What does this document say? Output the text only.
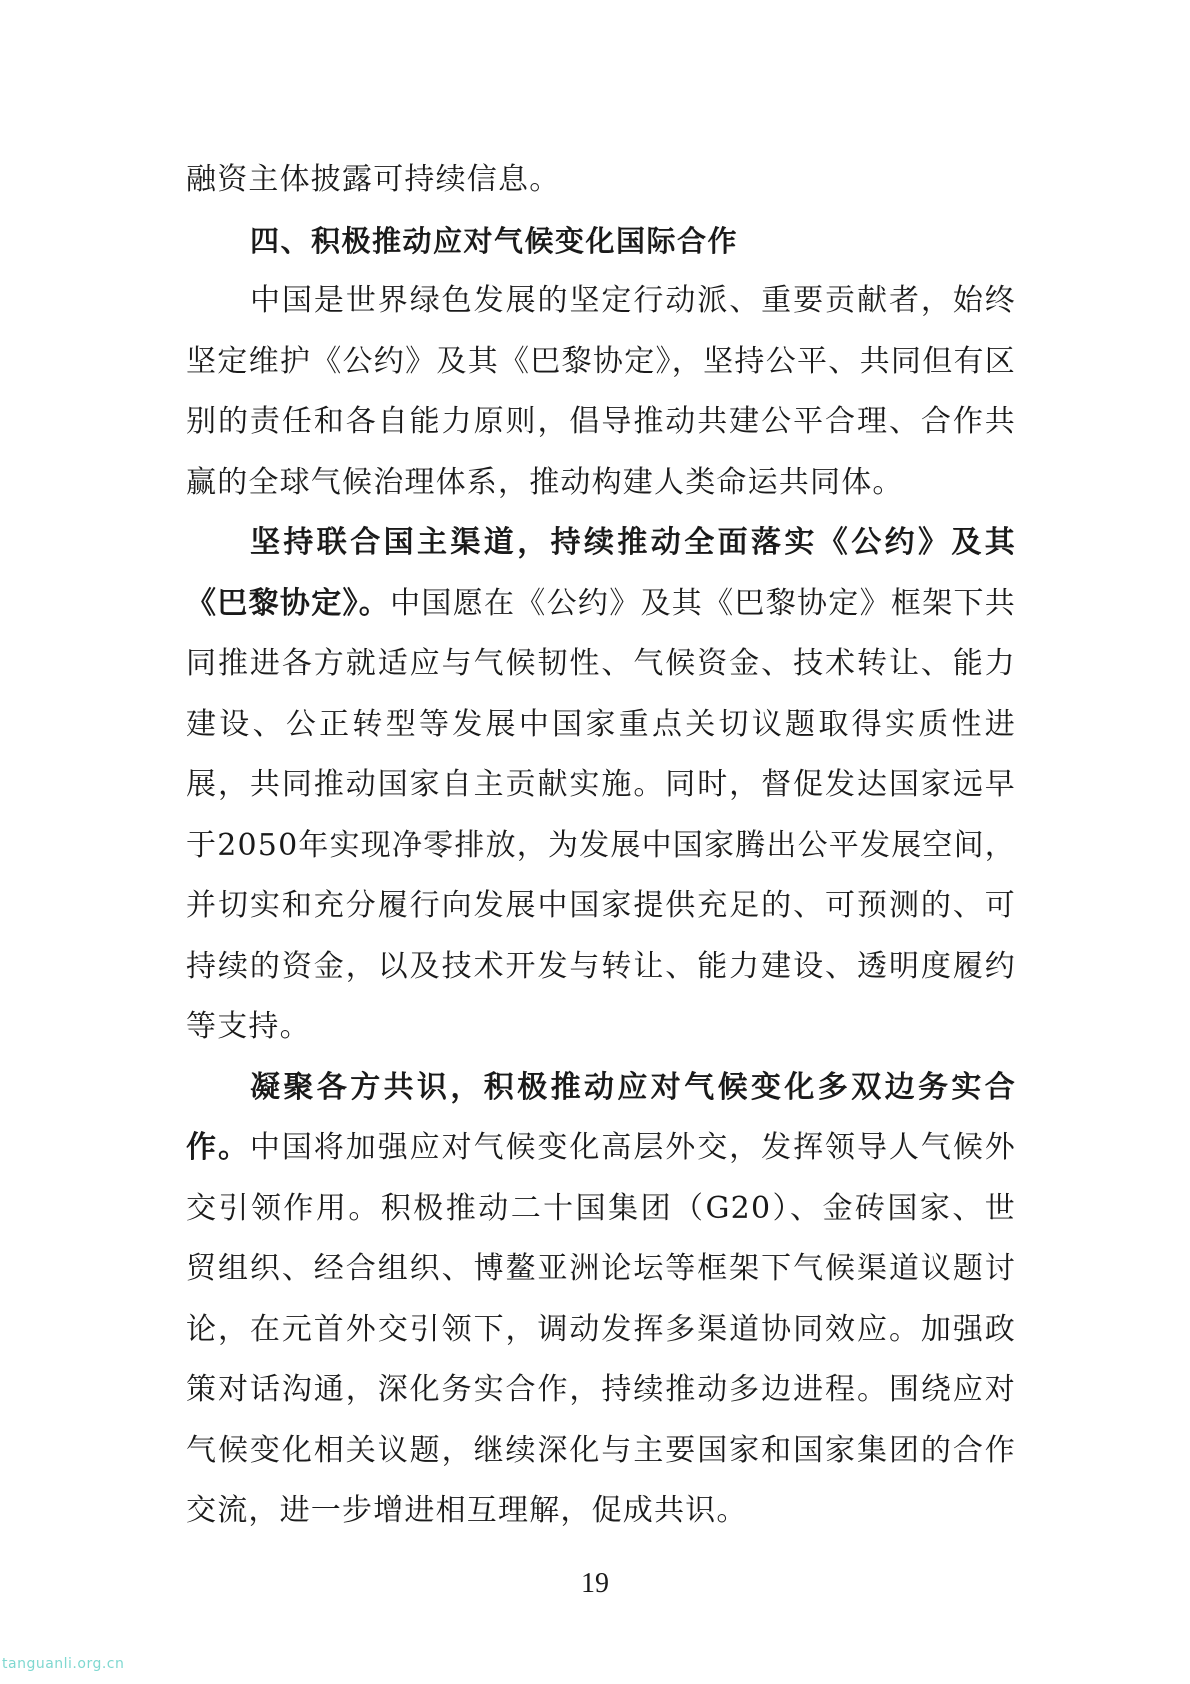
融资主体披露可持续信息。

四、积极推动应对气候变化国际合作

中国是世界绿色发展的坚定行动派、重要贡献者，始终坚定维护《公约》及其《巴黎协定》，坚持公平、共同但有区别的责任和各自能力原则，倡导推动共建公平合理、合作共赢的全球气候治理体系，推动构建人类命运共同体。

坚持联合国主渠道，持续推动全面落实《公约》及其《巴黎协定》。中国愿在《公约》及其《巴黎协定》框架下共同推进各方就适应与气候韧性、气候资金、技术转让、能力建设、公正转型等发展中国家重点关切议题取得实质性进展，共同推动国家自主贡献实施。同时，督促发达国家远早于2050年实现净零排放，为发展中国家腾出公平发展空间，并切实和充分履行向发展中国家提供充足的、可预测的、可持续的资金，以及技术开发与转让、能力建设、透明度履约等支持。

凝聚各方共识，积极推动应对气候变化多双边务实合作。中国将加强应对气候变化高层外交，发挥领导人气候外交引领作用。积极推动二十国集团（G20）、金砖国家、世贸组织、经合组织、博鳌亚洲论坛等框架下气候渠道议题讨论，在元首外交引领下，调动发挥多渠道协同效应。加强政策对话沟通，深化务实合作，持续推动多边进程。围绕应对气候变化相关议题，继续深化与主要国家和国家集团的合作交流，进一步增进相互理解，促成共识。

19
tanguanli.org.cn
